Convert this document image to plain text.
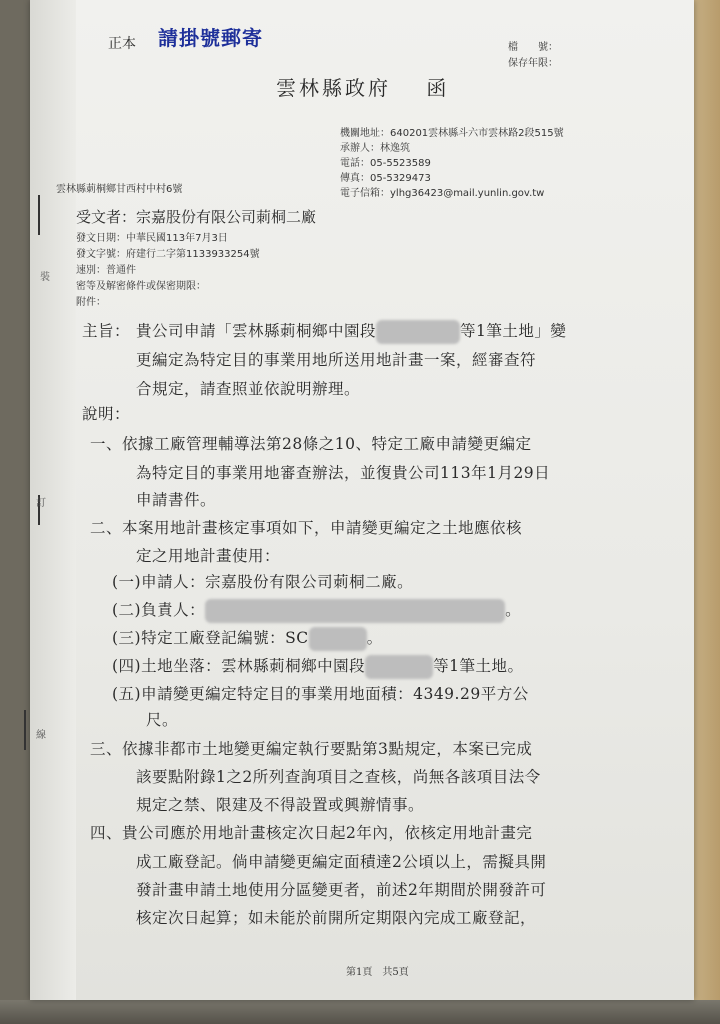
裝
訂
線
正本 請掛號郵寄	檔　　號：
保存年限：
雲林縣政府 函
機關地址：640201雲林縣斗六市雲林路2段515號
承辦人：林逸筑
電話：05-5523589
傳真：05-5329473
電子信箱：ylhg36423@mail.yunlin.gov.tw
雲林縣莿桐鄉甘西村中村6號
受文者：宗嘉股份有限公司莿桐二廠
發文日期：中華民國113年7月3日
發文字號：府建行二字第1133933254號
速別：普通件
密等及解密條件或保密期限：
附件：
主旨： 貴公司申請「雲林縣莿桐鄉中園段	等1筆土地」變
更編定為特定目的事業用地所送用地計畫一案，經審查符
合規定，請查照並依說明辦理。
說明：
一、依據工廠管理輔導法第28條之10、特定工廠申請變更編定
為特定目的事業用地審查辦法，並復貴公司113年1月29日
申請書件。
二、本案用地計畫核定事項如下，申請變更編定之土地應依核
定之用地計畫使用：
(一)申請人：宗嘉股份有限公司莿桐二廠。
(二)負責人：	。
(三)特定工廠登記編號：SC	。
(四)土地坐落：雲林縣莿桐鄉中園段	等1筆土地。
(五)申請變更編定特定目的事業用地面積：4349.29平方公
尺。
三、依據非都市土地變更編定執行要點第3點規定，本案已完成
該要點附錄1之2所列查詢項目之查核，尚無各該項目法令
規定之禁、限建及不得設置或興辦情事。
四、貴公司應於用地計畫核定次日起2年內，依核定用地計畫完
成工廠登記。倘申請變更編定面積達2公頃以上，需擬具開
發計畫申請土地使用分區變更者，前述2年期間於開發許可
核定次日起算；如未能於前開所定期限內完成工廠登記，
第1頁　共5頁
